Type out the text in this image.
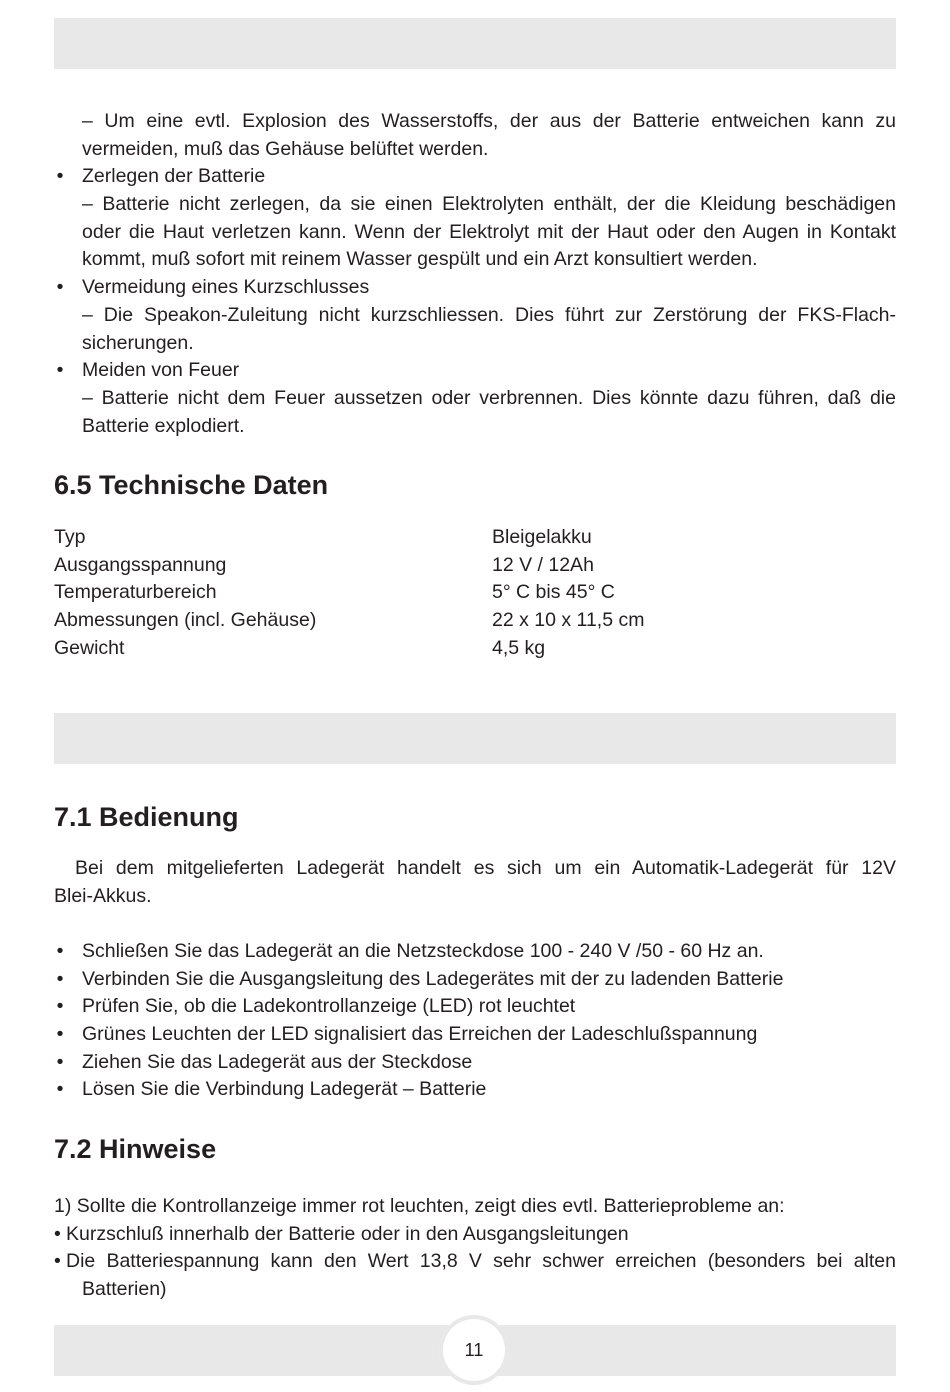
– Um eine evtl. Explosion des Wasserstoffs, der aus der Batterie entweichen kann zu
vermeiden, muß das Gehäuse belüftet werden.
• Zerlegen der Batterie
– Batterie nicht zerlegen, da sie einen Elektrolyten enthält, der die Kleidung beschädigen
oder die Haut verletzen kann. Wenn der Elektrolyt mit der Haut oder den Augen in Kontakt
kommt, muß sofort mit reinem Wasser gespült und ein Arzt konsultiert werden.
• Vermeidung eines Kurzschlusses
– Die Speakon-Zuleitung nicht kurzschliessen. Dies führt zur Zerstörung der FKS-Flach-
sicherungen.
• Meiden von Feuer
– Batterie nicht dem Feuer aussetzen oder verbrennen. Dies könnte dazu führen, daß die
Batterie explodiert.
6.5 Technische Daten
Typ	Bleigelakku
Ausgangsspannung	12 V / 12Ah
Temperaturbereich	5° C bis 45° C
Abmessungen (incl. Gehäuse)	22 x 10 x 11,5 cm
Gewicht	4,5 kg
7.1 Bedienung
Bei dem mitgelieferten Ladegerät handelt es sich um ein Automatik-Ladegerät für 12V
Blei-Akkus.
• Schließen Sie das Ladegerät an die Netzsteckdose 100 - 240 V /50 - 60 Hz an.
• Verbinden Sie die Ausgangsleitung des Ladegerätes mit der zu ladenden Batterie
• Prüfen Sie, ob die Ladekontrollanzeige (LED) rot leuchtet
• Grünes Leuchten der LED signalisiert das Erreichen der Ladeschlußspannung
• Ziehen Sie das Ladegerät aus der Steckdose
• Lösen Sie die Verbindung Ladegerät – Batterie
7.2 Hinweise
1) Sollte die Kontrollanzeige immer rot leuchten, zeigt dies evtl. Batterieprobleme an:
• Kurzschluß innerhalb der Batterie oder in den Ausgangsleitungen
• Die Batteriespannung kann den Wert 13,8 V sehr schwer erreichen (besonders bei alten
Batterien)
11
